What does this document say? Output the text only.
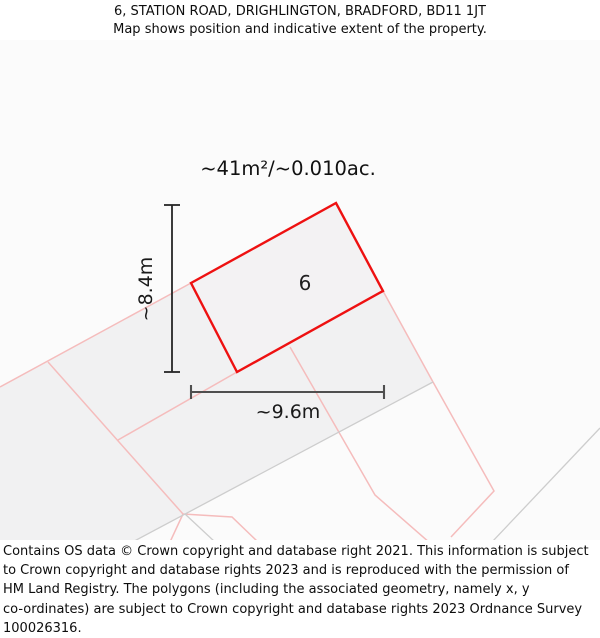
6, STATION ROAD, DRIGHLINGTON, BRADFORD, BD11 1JT
Map shows position and indicative extent of the property.
6
~41m²/~0.010ac.
~8.4m
~9.6m
Contains OS data © Crown copyright and database right 2021. This information is subject
to Crown copyright and database rights 2023 and is reproduced with the permission of
HM Land Registry. The polygons (including the associated geometry, namely x, y
co-ordinates) are subject to Crown copyright and database rights 2023 Ordnance Survey
100026316.
